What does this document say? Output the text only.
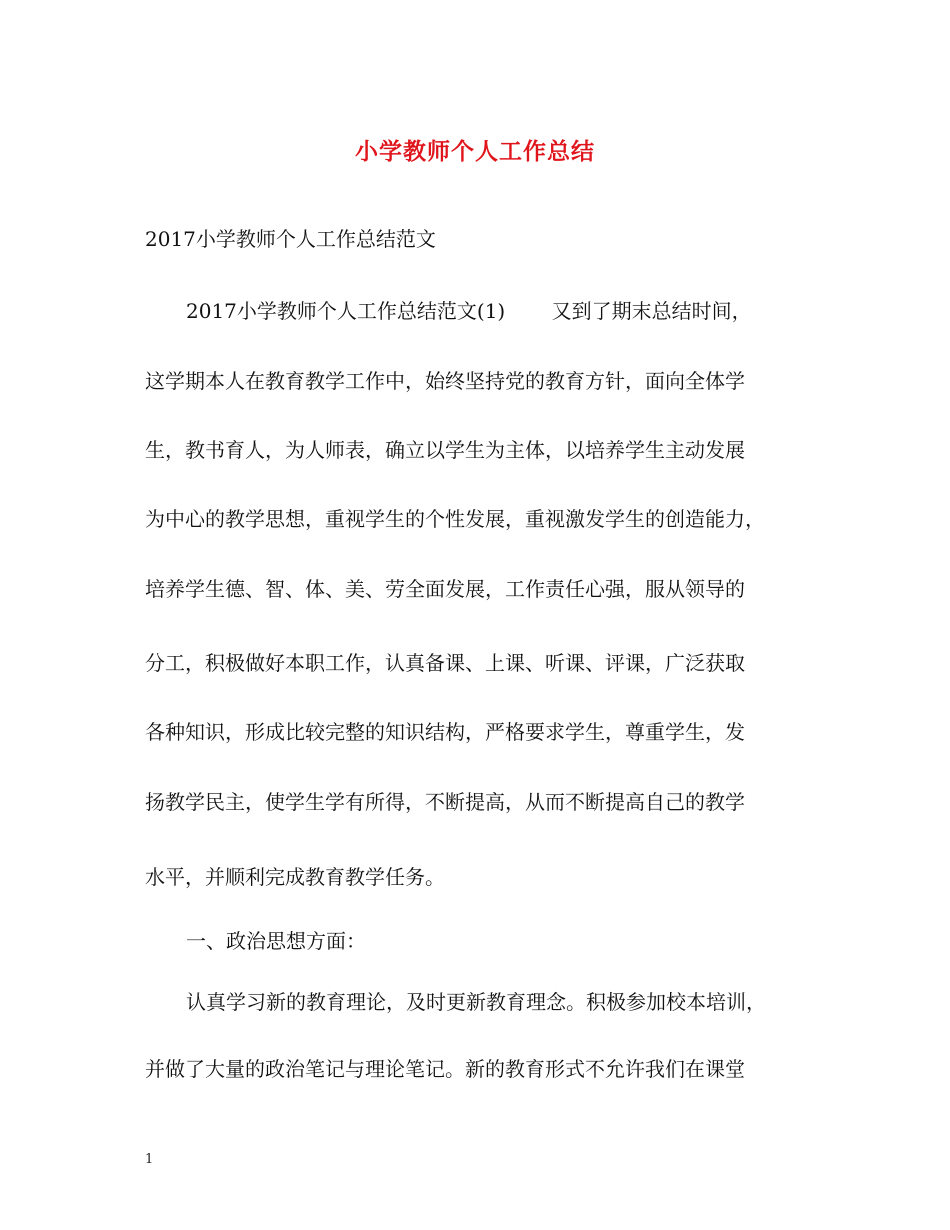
小学教师个人工作总结

2017小学教师个人工作总结范文

2017小学教师个人工作总结范文(1)　　 又到了期末总结时间，

这学期本人在教育教学工作中，始终坚持党的教育方针，面向全体学

生，教书育人，为人师表，确立以学生为主体，以培养学生主动发展

为中心的教学思想，重视学生的个性发展，重视激发学生的创造能力，

培养学生德、智、体、美、劳全面发展，工作责任心强，服从领导的

分工，积极做好本职工作，认真备课、上课、听课、评课，广泛获取

各种知识，形成比较完整的知识结构，严格要求学生，尊重学生，发

扬教学民主，使学生学有所得，不断提高，从而不断提高自己的教学

水平，并顺利完成教育教学任务。

一、政治思想方面：

认真学习新的教育理论，及时更新教育理念。积极参加校本培训，

并做了大量的政治笔记与理论笔记。新的教育形式不允许我们在课堂

1
